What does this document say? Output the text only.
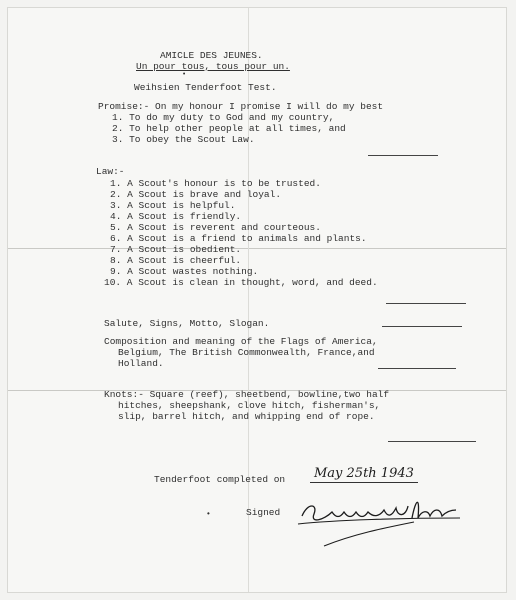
AMICLE DES JEUNES.
Un pour tous, tous pour un.
•
Weihsien Tenderfoot Test.
Promise:- On my honour I promise I will do my best
1. To do my duty to God and my country,
2. To help other people at all times, and
3. To obey the Scout Law.
Law:-
1. A Scout's honour is to be trusted.
2. A Scout is brave and loyal.
3. A Scout is helpful.
4. A Scout is friendly.
5. A Scout is reverent and courteous.
6. A Scout is a friend to animals and plants.
7. A Scout is obedient.
8. A Scout is cheerful.
9. A Scout wastes nothing.
10. A Scout is clean in thought, word, and deed.
Salute, Signs, Motto, Slogan.
Composition and meaning of the Flags of America,
Belgium, The British Commonwealth, France,and
Holland.
Knots:- Square (reef), sheetbend, bowline,two half
hitches, sheepshank, clove hitch, fisherman's,
slip, barrel hitch, and whipping end of rope.
Tenderfoot completed on	May 25th 1943
•	Signed
